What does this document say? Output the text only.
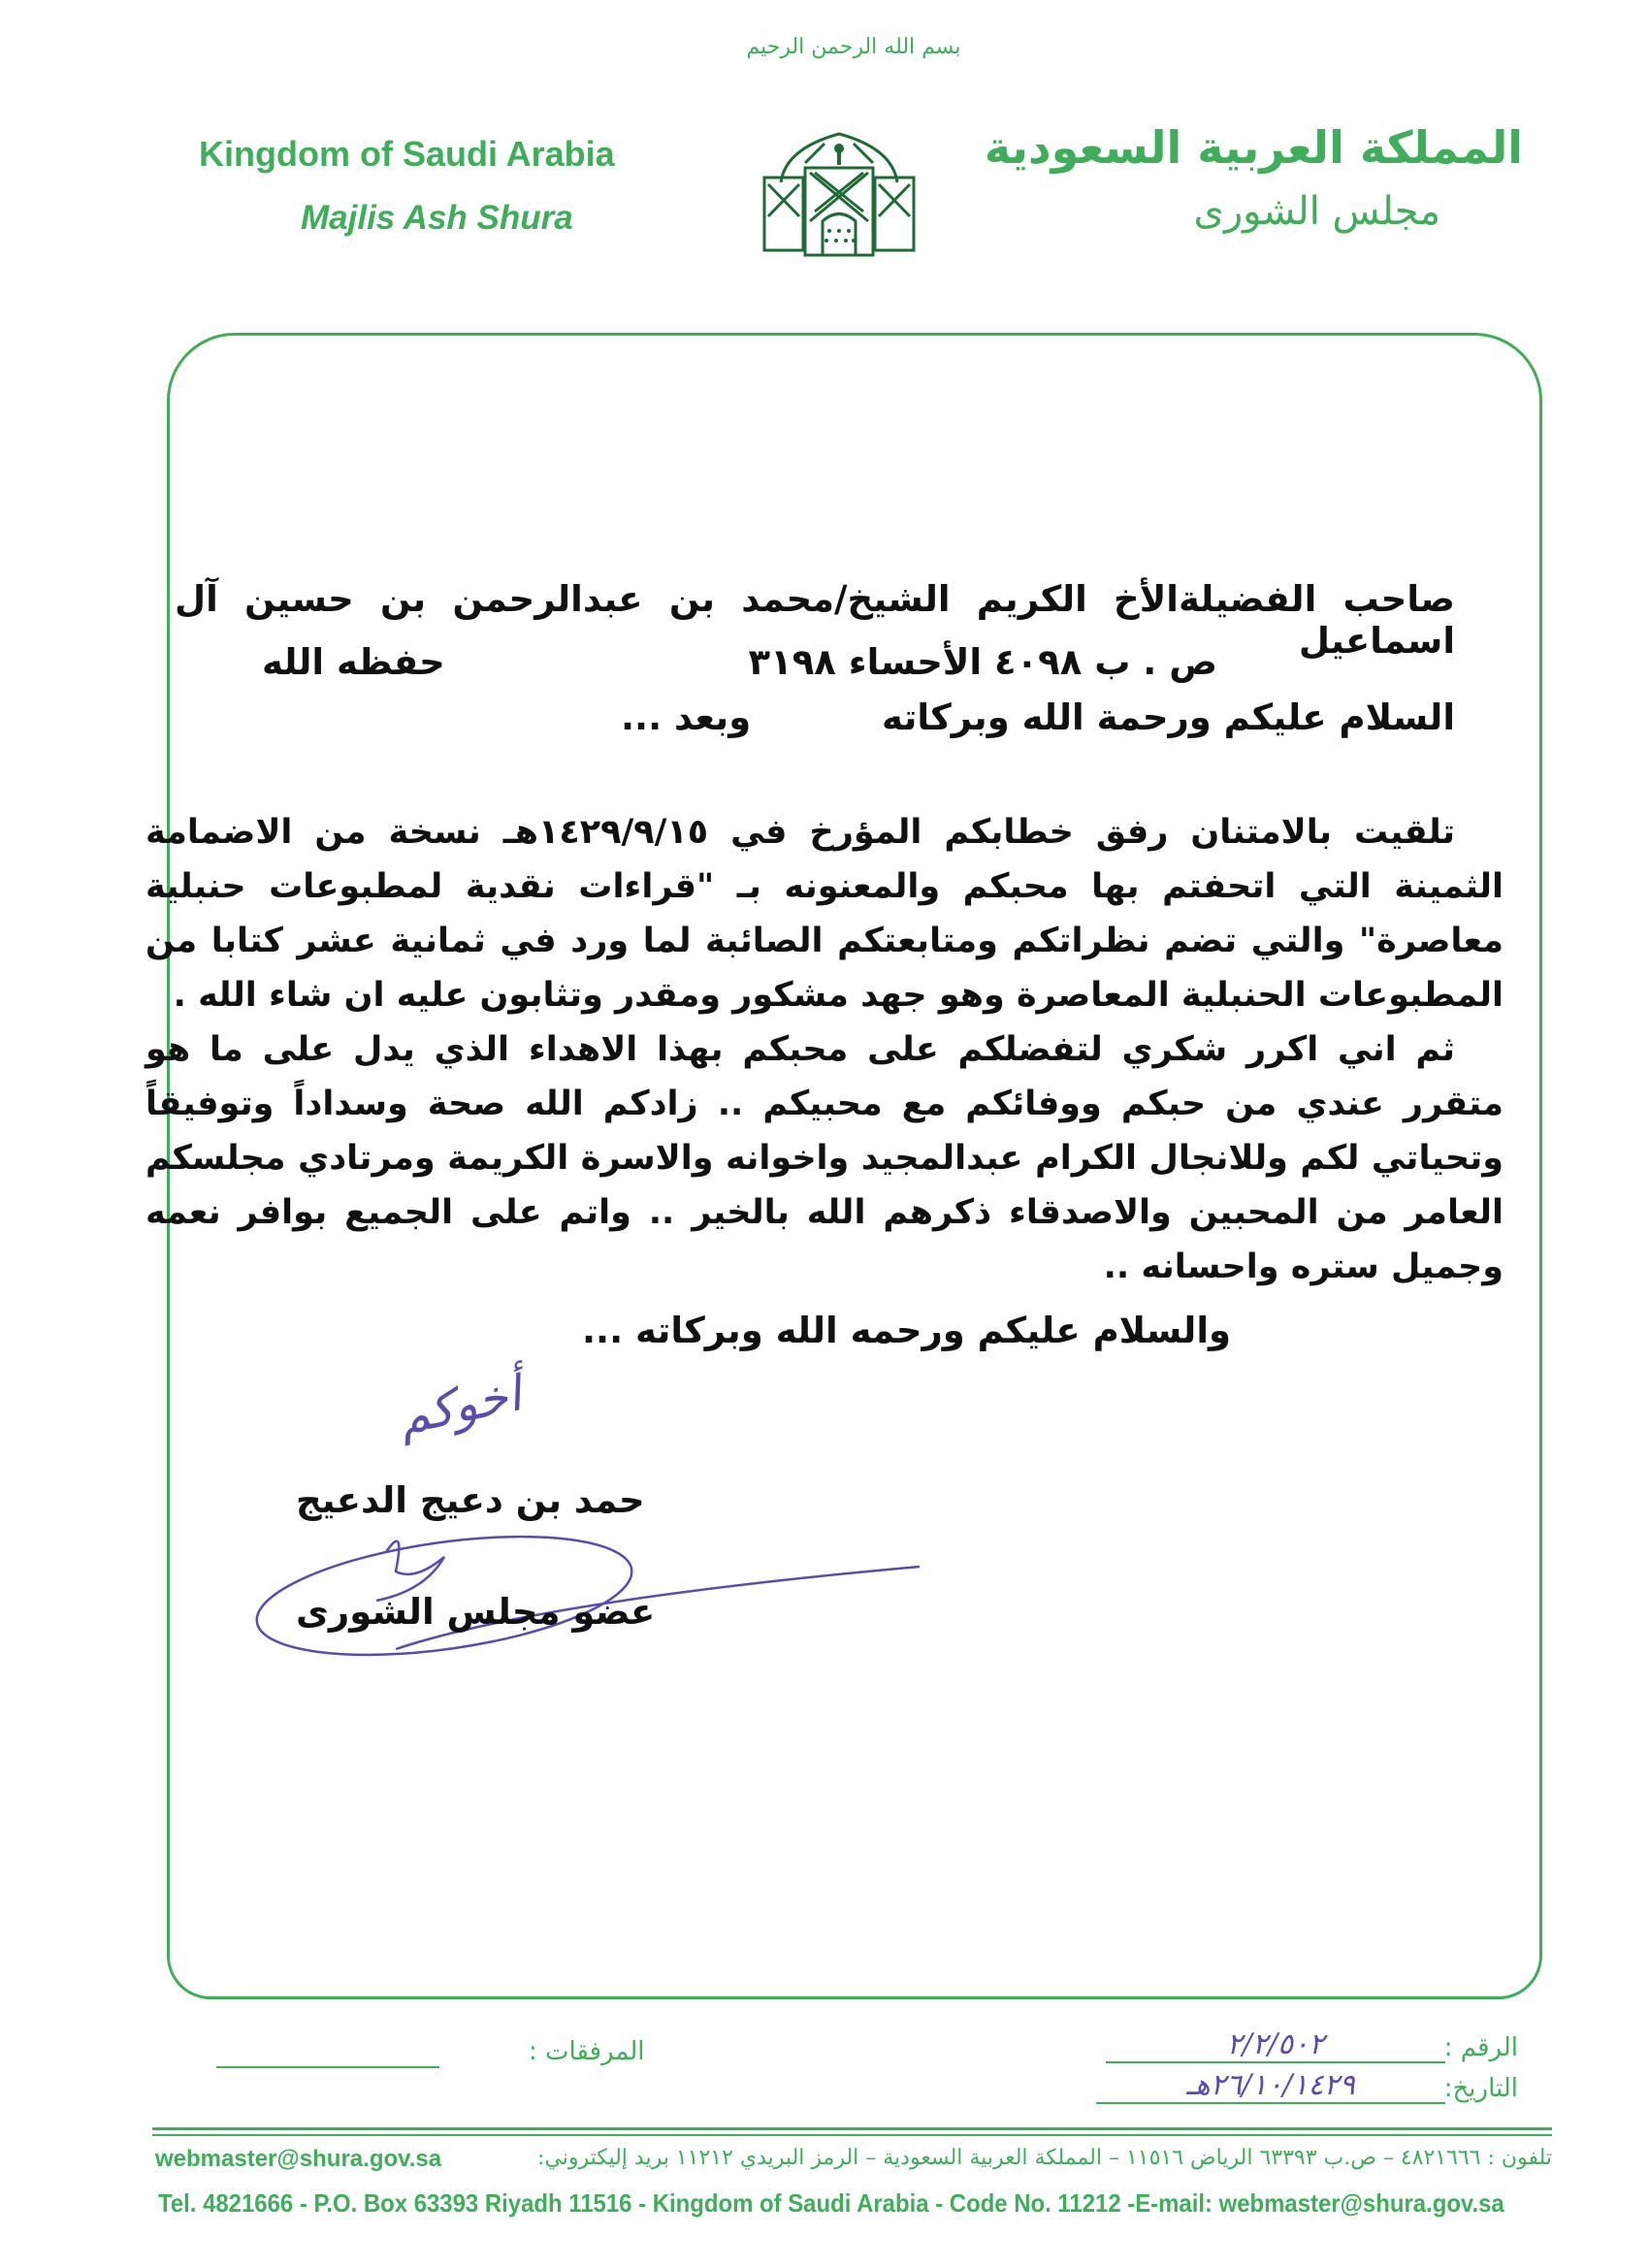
بسم الله الرحمن الرحيم
Kingdom of Saudi Arabia
Majlis Ash Shura
المملكة العربية السعودية
مجلس الشورى
صاحب الفضيلةالأخ الكريم الشيخ/محمد بن عبدالرحمن بن حسين آل اسماعيل
ص . ب ٤٠٩٨ الأحساء ٣١٩٨
حفظه الله
السلام عليكم ورحمة الله وبركاته
وبعد ...

تلقيت بالامتنان رفق خطابكم المؤرخ في ١٤٢٩/٩/١٥هـ نسخة من الاضمامة الثمينة التي اتحفتم بها محبكم والمعنونه بـ "قراءات نقدية لمطبوعات حنبلية معاصرة" والتي تضم نظراتكم ومتابعتكم الصائبة لما ورد في ثمانية عشر كتابا من المطبوعات الحنبلية المعاصرة وهو جهد مشكور ومقدر وتثابون عليه ان شاء الله .

ثم اني اكرر شكري لتفضلكم على محبكم بهذا الاهداء الذي يدل على ما هو متقرر عندي من حبكم ووفائكم مع محبيكم .. زادكم الله صحة وسداداً وتوفيقاً وتحياتي لكم وللانجال الكرام عبدالمجيد واخوانه والاسرة الكريمة ومرتادي مجلسكم العامر من المحبين والاصدقاء ذكرهم الله بالخير .. واتم على الجميع بوافر نعمه وجميل ستره واحسانه ..

والسلام عليكم ورحمه الله وبركاته ...
أخوكم
حمد بن دعيج الدعيج
عضو مجلس الشورى
الرقم :
٢/٢/٥٠٢
التاريخ:
٢٦/١٠/١٤٢٩هـ
المرفقات :
تلفون : ٤٨٢١٦٦٦ – ص.ب ٦٣٣٩٣ الرياض ١١٥١٦ – المملكة العربية السعودية – الرمز البريدي ١١٢١٢ بريد إليكتروني:
webmaster@shura.gov.sa
Tel. 4821666 - P.O. Box 63393 Riyadh 11516 - Kingdom of Saudi Arabia - Code No. 11212 -E-mail: webmaster@shura.gov.sa
